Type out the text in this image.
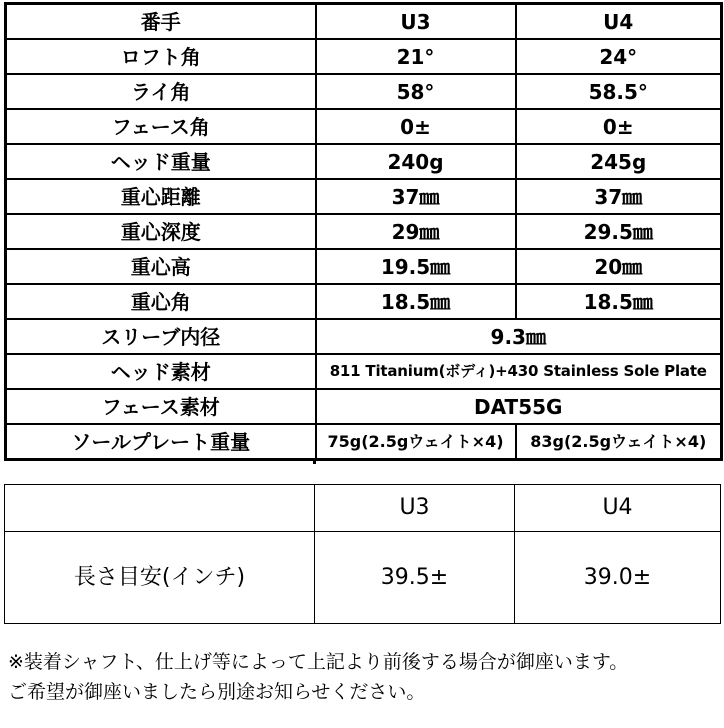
番手	U3	U4
ロフト角	21°	24°
ライ角	58°	58.5°
フェース角	0±	0±
ヘッド重量	240g	245g
重心距離	37㎜	37㎜
重心深度	29㎜	29.5㎜
重心高	19.5㎜	20㎜
重心角	18.5㎜	18.5㎜
スリーブ内径	9.3㎜	
ヘッド素材	811 Titanium(ボディ)+430 Stainless Sole Plate	
フェース素材	DAT55G	
ソールプレート重量	75g(2.5gウェイト×4)	83g(2.5gウェイト×4)
	U3	U4
長さ目安(インチ)	39.5±	39.0±
※装着シャフト、仕上げ等によって上記より前後する場合が御座います。
ご希望が御座いましたら別途お知らせください。
